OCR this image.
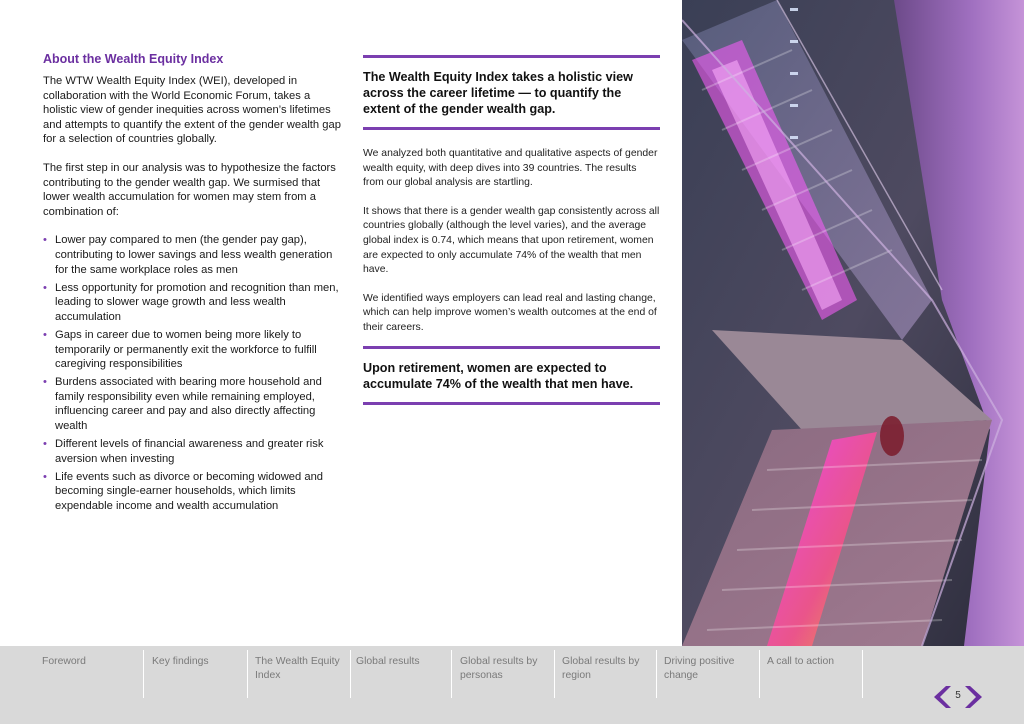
About the Wealth Equity Index

The WTW Wealth Equity Index (WEI), developed in collaboration with the World Economic Forum, takes a holistic view of gender inequities across women’s lifetimes and attempts to quantify the extent of the gender wealth gap for a selection of countries globally.

The first step in our analysis was to hypothesize the factors contributing to the gender wealth gap. We surmised that lower wealth accumulation for women may stem from a combination of:

• Lower pay compared to men (the gender pay gap), contributing to lower savings and less wealth generation for the same workplace roles as men
• Less opportunity for promotion and recognition than men, leading to slower wage growth and less wealth accumulation
• Gaps in career due to women being more likely to temporarily or permanently exit the workforce to fulfill caregiving responsibilities
• Burdens associated with bearing more household and family responsibility even while remaining employed, influencing career and pay and also directly affecting wealth
• Different levels of financial awareness and greater risk aversion when investing
• Life events such as divorce or becoming widowed and becoming single-earner households, which limits expendable income and wealth accumulation
The Wealth Equity Index takes a holistic view across the career lifetime — to quantify the extent of the gender wealth gap.

We analyzed both quantitative and qualitative aspects of gender wealth equity, with deep dives into 39 countries. The results from our global analysis are startling.

It shows that there is a gender wealth gap consistently across all countries globally (although the level varies), and the average global index is 0.74, which means that upon retirement, women are expected to only accumulate 74% of the wealth that men have.

We identified ways employers can lead real and lasting change, which can help improve women’s wealth outcomes at the end of their careers.

Upon retirement, women are expected to accumulate 74% of the wealth that men have.
Foreword	Key findings	The Wealth Equity Index
Global results	Global results by personas
Global results by region
Driving positive change
A call to action
5
